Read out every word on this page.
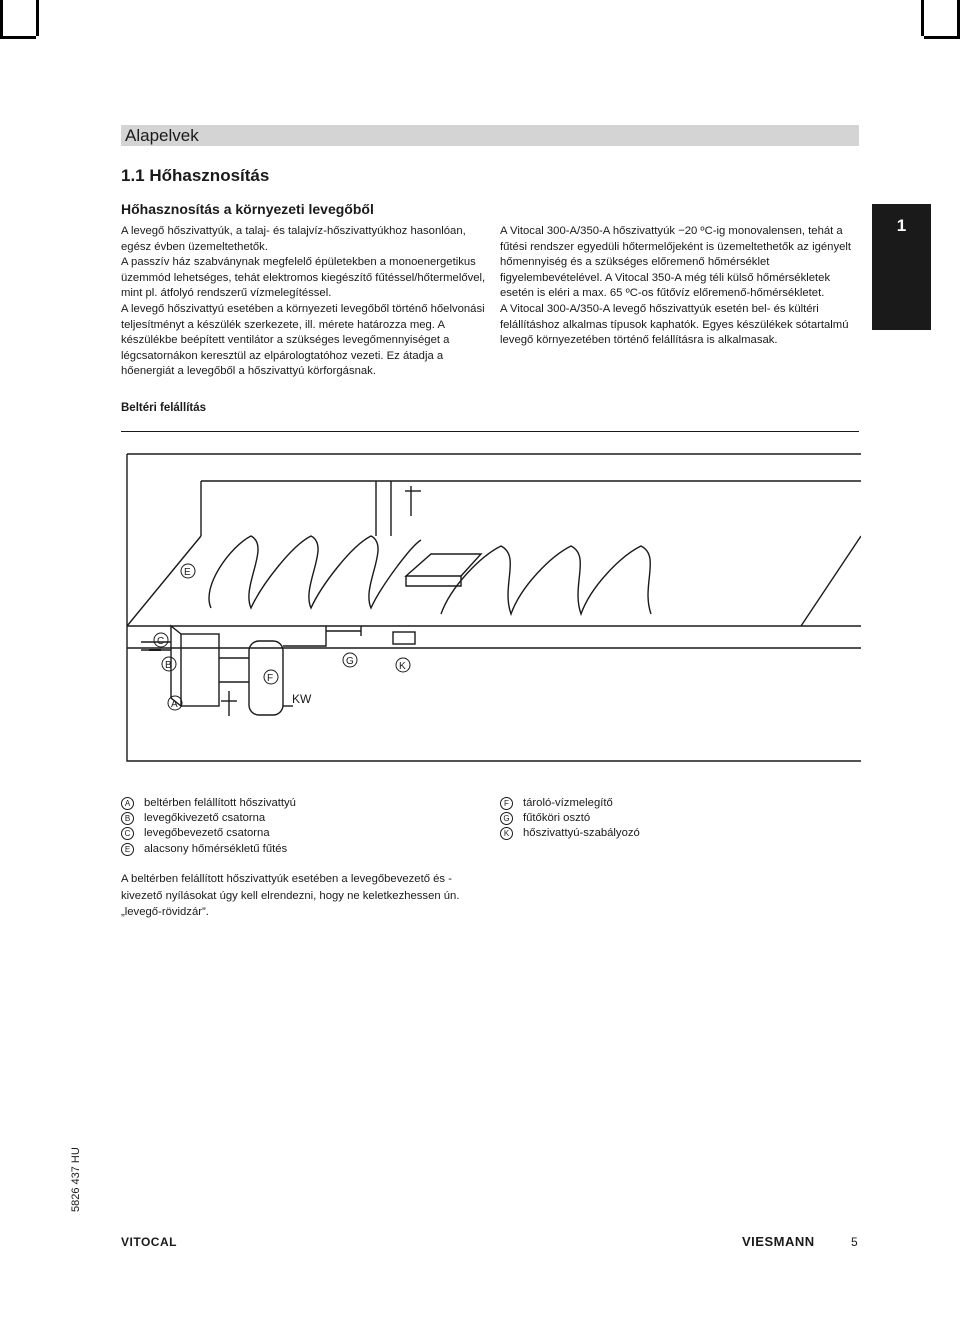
Alapelvek
1.1 Hőhasznosítás
Hőhasznosítás a környezeti levegőből

A levegő hőszivattyúk, a talaj- és talajvíz-hőszivattyúkhoz hasonlóan, egész évben üzemeltethetők.

A passzív ház szabványnak megfelelő épületekben a monoenergetikus üzemmód lehetséges, tehát elektromos kiegészítő fűtéssel/hőtermelővel, mint pl. átfolyó rendszerű vízmelegítéssel.

A levegő hőszivattyú esetében a környezeti levegőből történő hőelvonási teljesítményt a készülék szerkezete, ill. mérete határozza meg. A készülékbe beépített ventilátor a szükséges levegőmennyiséget a légcsatornákon keresztül az elpárologtatóhoz vezeti. Ez átadja a hőenergiát a levegőből a hőszivattyú körforgásnak.

A Vitocal 300-A/350-A hőszivattyúk −20 ºC-ig monovalensen, tehát a fűtési rendszer egyedüli hőtermelőjeként is üzemeltethetők az igényelt hőmennyiség és a szükséges előremenő hőmérséklet figyelembevételével. A Vitocal 350-A még téli külső hőmérsékletek esetén is eléri a max. 65 ºC-os fűtővíz előremenő-hőmérsékletet.

A Vitocal 300-A/350-A levegő hőszivattyúk esetén bel- és kültéri felállításhoz alkalmas típusok kaphatók. Egyes készülékek sótartalmú levegő környezetében történő felállításra is alkalmasak.

1
Beltéri felállítás
E
C
B
A
F
G	K
KW
A	beltérben felállított hőszivattyú
B	levegőkivezető csatorna
C	levegőbevezető csatorna
E	alacsony hőmérsékletű fűtés
F	tároló-vízmelegítő
G	fűtőköri osztó
K	hőszivattyú-szabályozó
A beltérben felállított hőszivattyúk esetében a levegőbevezető és -kivezető nyílásokat úgy kell elrendezni, hogy ne keletkezhessen ún. „levegő-rövidzár”.
5826 437 HU
VITOCAL	VIESMANN	5
